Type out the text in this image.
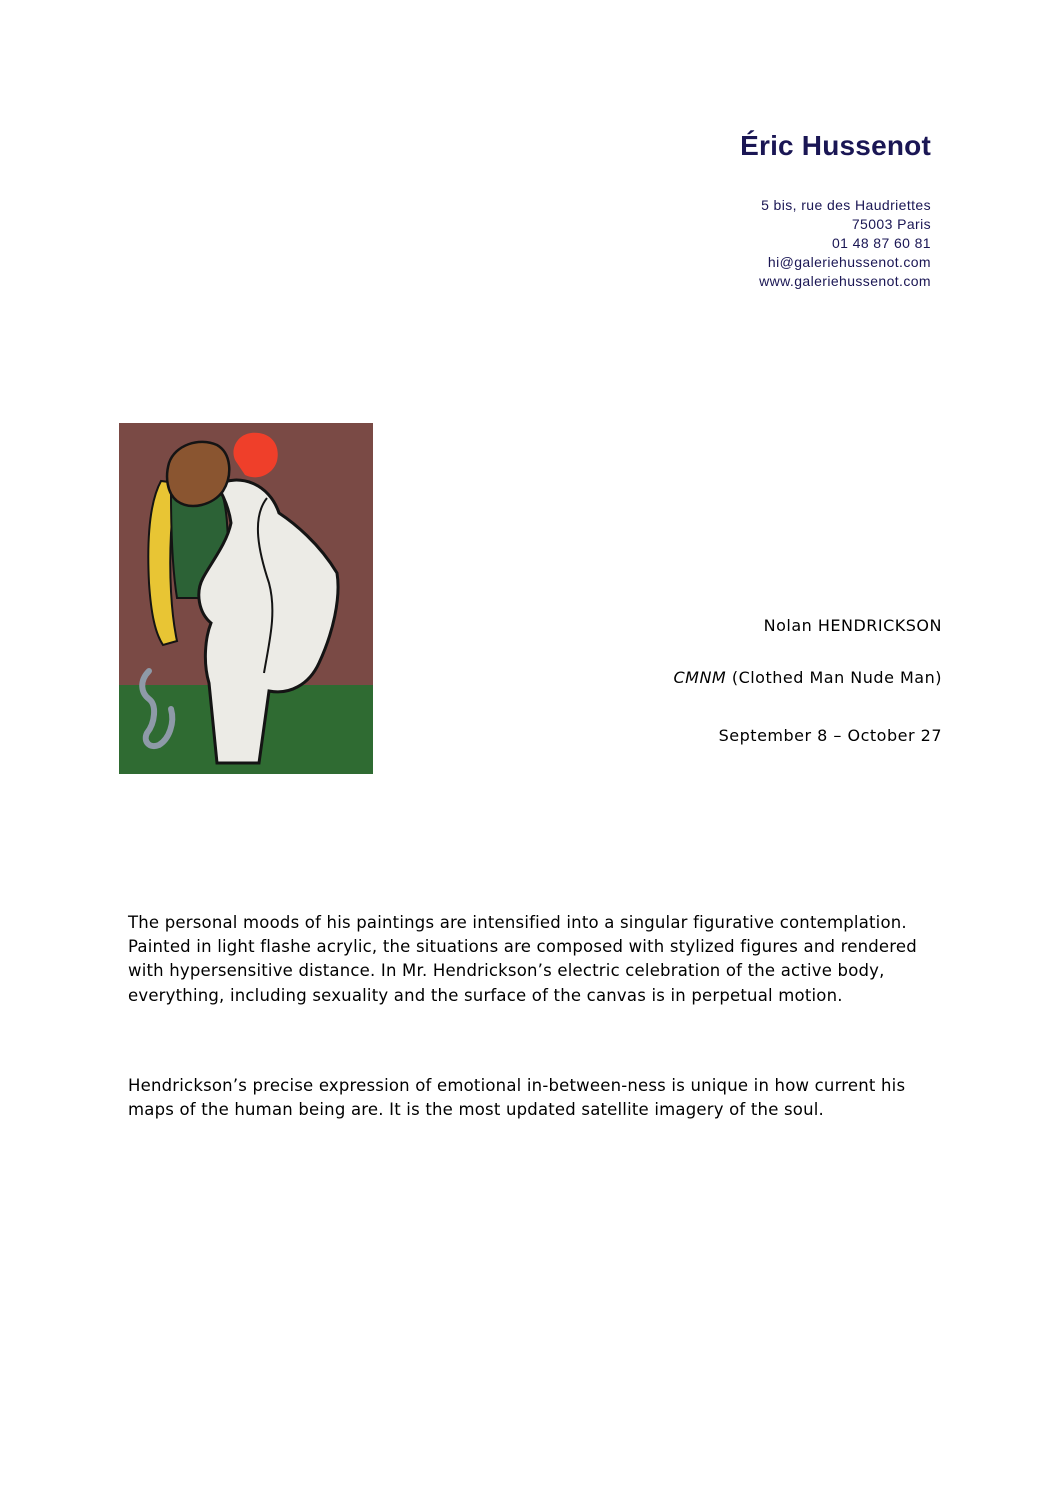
Éric Hussenot
5 bis, rue des Haudriettes
75003 Paris
01 48 87 60 81
hi@galeriehussenot.com
www.galeriehussenot.com
Nolan HENDRICKSON
CMNM (Clothed Man Nude Man)
September 8 – October 27

The personal moods of his paintings are intensified into a singular figurative contemplation. Painted in light flashe acrylic, the situations are composed with stylized figures and rendered with hypersensitive distance. In Mr. Hendrickson’s electric celebration of the active body, everything, including sexuality and the surface of the canvas is in perpetual motion.

Hendrickson’s precise expression of emotional in-between-ness is unique in how current his maps of the human being are. It is the most updated satellite imagery of the soul.
